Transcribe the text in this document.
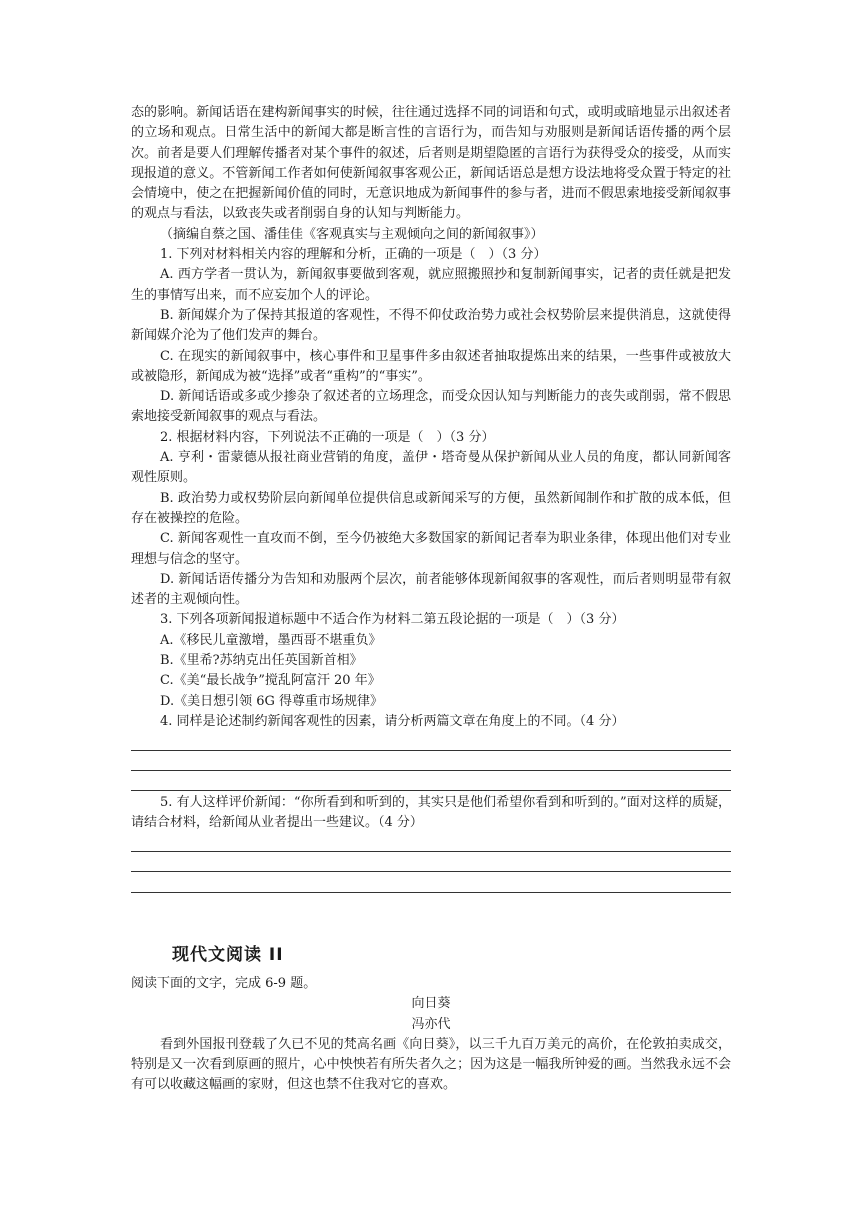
态的影响。新闻话语在建构新闻事实的时候，往往通过选择不同的词语和句式，或明或暗地显示出叙述者的立场和观点。日常生活中的新闻大都是断言性的言语行为，而告知与劝服则是新闻话语传播的两个层次。前者是要人们理解传播者对某个事件的叙述，后者则是期望隐匿的言语行为获得受众的接受，从而实现报道的意义。不管新闻工作者如何使新闻叙事客观公正，新闻话语总是想方设法地将受众置于特定的社会情境中，使之在把握新闻价值的同时，无意识地成为新闻事件的参与者，进而不假思索地接受新闻叙事的观点与看法，以致丧失或者削弱自身的认知与判断能力。

（摘编自蔡之国、潘佳佳《客观真实与主观倾向之间的新闻叙事》）

1. 下列对材料相关内容的理解和分析，正确的一项是（　）（3 分）

A. 西方学者一贯认为，新闻叙事要做到客观，就应照搬照抄和复制新闻事实，记者的责任就是把发生的事情写出来，而不应妄加个人的评论。

B. 新闻媒介为了保持其报道的客观性，不得不仰仗政治势力或社会权势阶层来提供消息，这就使得新闻媒介沦为了他们发声的舞台。

C. 在现实的新闻叙事中，核心事件和卫星事件多由叙述者抽取提炼出来的结果，一些事件或被放大或被隐形，新闻成为被“选择”或者“重构”的“事实”。

D. 新闻话语或多或少掺杂了叙述者的立场理念，而受众因认知与判断能力的丧失或削弱，常不假思索地接受新闻叙事的观点与看法。

2. 根据材料内容，下列说法不正确的一项是（　）（3 分）

A. 亨利・雷蒙德从报社商业营销的角度，盖伊・塔奇曼从保护新闻从业人员的角度，都认同新闻客观性原则。

B. 政治势力或权势阶层向新闻单位提供信息或新闻采写的方便，虽然新闻制作和扩散的成本低，但存在被操控的危险。

C. 新闻客观性一直攻而不倒，至今仍被绝大多数国家的新闻记者奉为职业条律，体现出他们对专业理想与信念的坚守。

D. 新闻话语传播分为告知和劝服两个层次，前者能够体现新闻叙事的客观性，而后者则明显带有叙述者的主观倾向性。

3. 下列各项新闻报道标题中不适合作为材料二第五段论据的一项是（　）（3 分）

A.《移民儿童激增，墨西哥不堪重负》

B.《里希?苏纳克出任英国新首相》

C.《美“最长战争”搅乱阿富汗 20 年》

D.《美日想引领 6G 得尊重市场规律》

4. 同样是论述制约新闻客观性的因素，请分析两篇文章在角度上的不同。（4 分）

5. 有人这样评价新闻：“你所看到和听到的，其实只是他们希望你看到和听到的。”面对这样的质疑，请结合材料，给新闻从业者提出一些建议。（4 分）

现代文阅读 II

阅读下面的文字，完成 6-9 题。

向日葵

冯亦代

看到外国报刊登载了久已不见的梵高名画《向日葵》，以三千九百万美元的高价，在伦敦拍卖成交，特别是又一次看到原画的照片，心中怏怏若有所失者久之；因为这是一幅我所钟爱的画。当然我永远不会有可以收藏这幅画的家财，但这也禁不住我对它的喜欢。
